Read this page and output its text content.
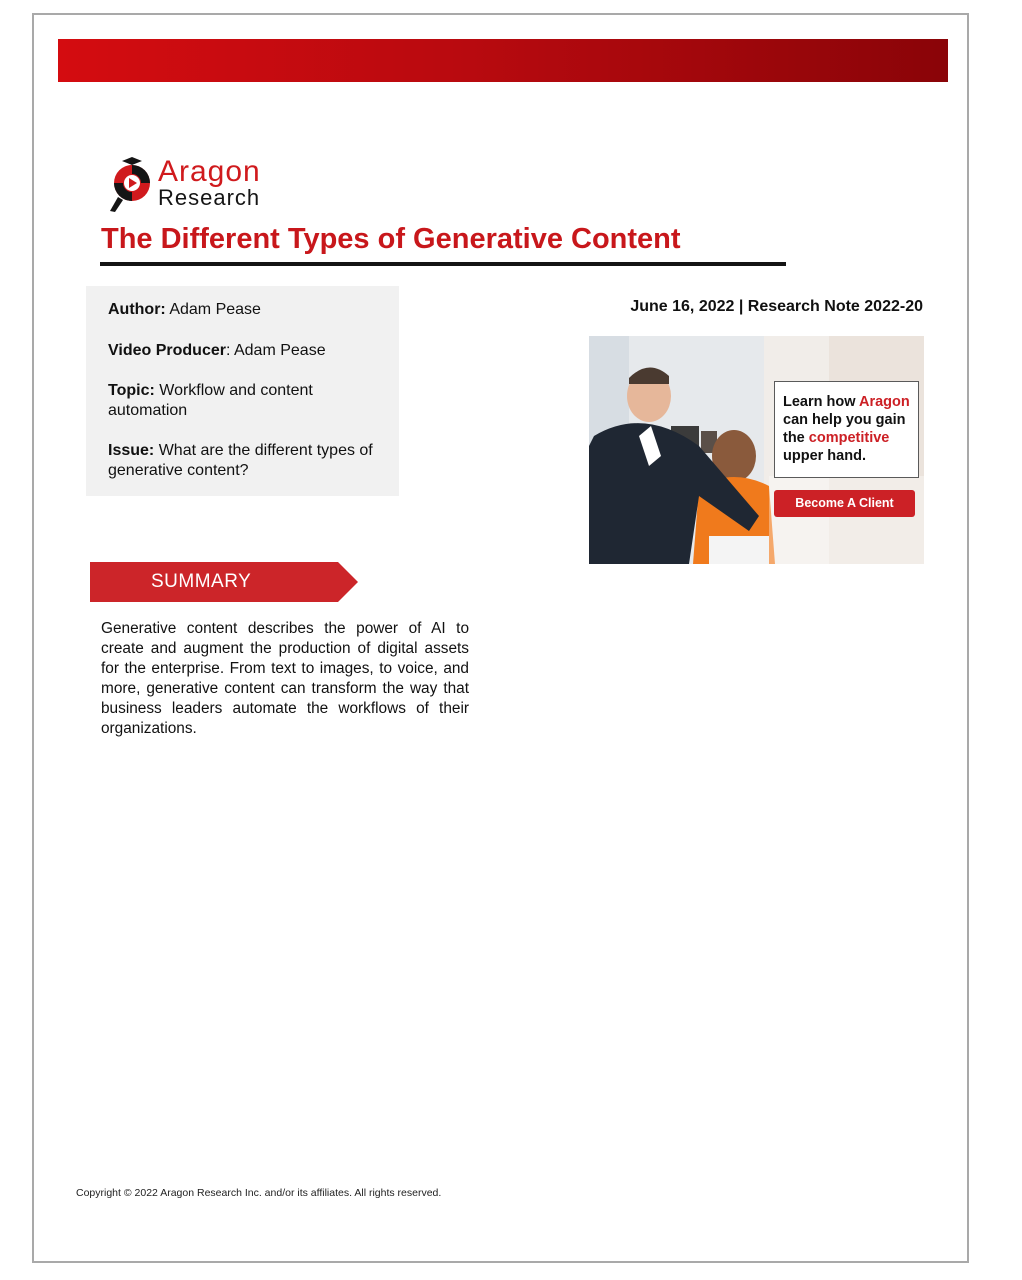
Aragon
Research
The Different Types of Generative Content
Author: Adam Pease
Video Producer: Adam Pease
Topic: Workflow and content automation
Issue: What are the different types of generative content?
June 16, 2022 | Research Note 2022-20
Learn how Aragon
can help you gain
the competitive
upper hand.
Become A Client
SUMMARY
Generative content describes the power of AI to create and augment the production of digital assets for the enterprise. From text to images, to voice, and more, generative content can transform the way that business leaders automate the workflows of their organizations.
Copyright © 2022 Aragon Research Inc. and/or its affiliates. All rights reserved.
